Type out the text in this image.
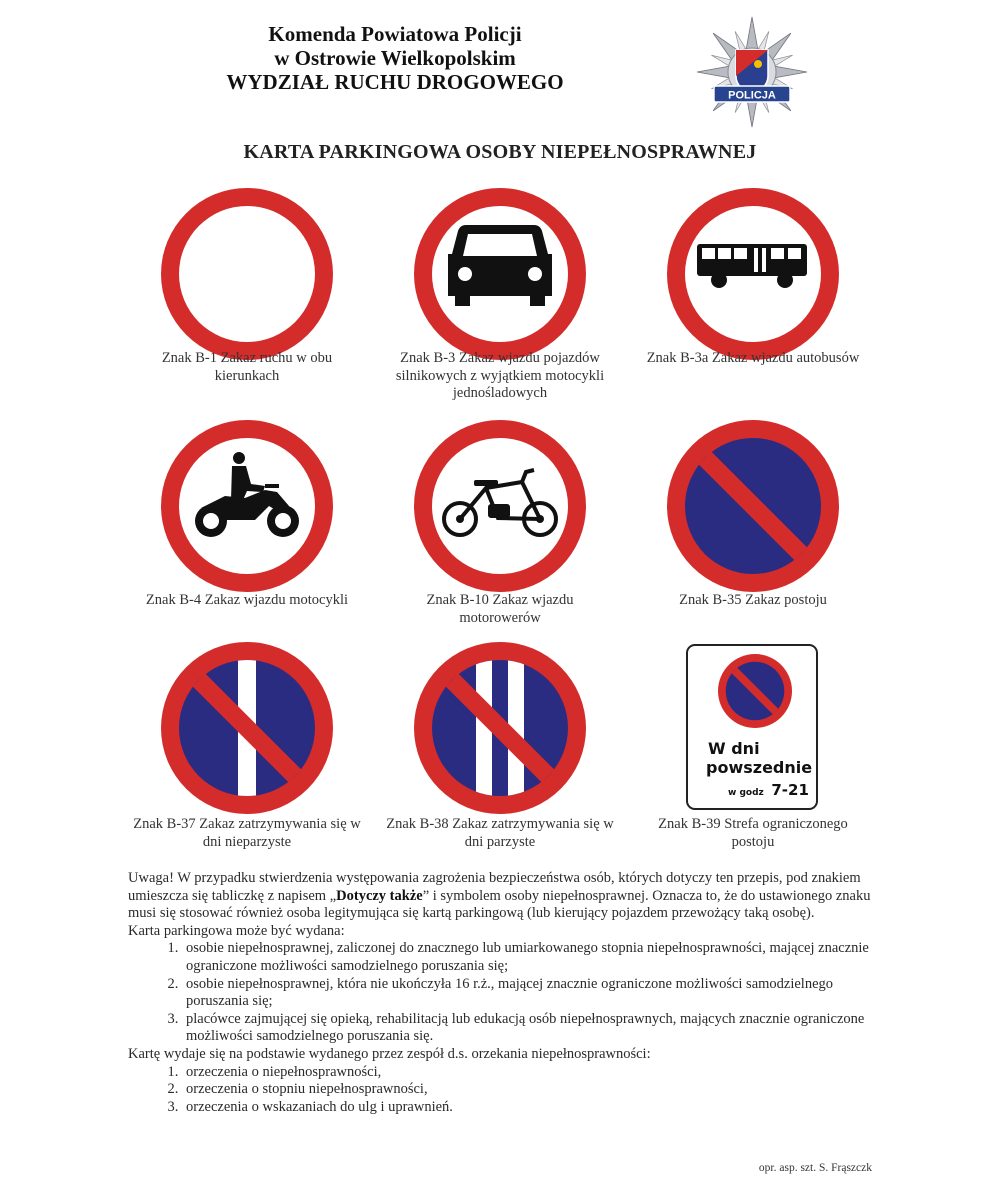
Komenda Powiatowa Policji
w Ostrowie Wielkopolskim
WYDZIAŁ RUCHU DROGOWEGO
POLICJA
KARTA PARKINGOWA OSOBY NIEPEŁNOSPRAWNEJ
Znak B-1 Zakaz ruchu w obu kierunkach
Znak B-3 Zakaz wjazdu pojazdów silnikowych z wyjątkiem motocykli jednośladowych
Znak B-3a Zakaz wjazdu autobusów
Znak B-4 Zakaz wjazdu motocykli	Znak B-10 Zakaz wjazdu motorowerów
Znak B-35 Zakaz postoju
Znak B-37 Zakaz zatrzymywania się w dni nieparzyste
Znak B-38 Zakaz zatrzymywania się w dni parzyste
W dni
powszednie
w godz 7-21
Znak B-39 Strefa ograniczonego postoju

Uwaga! W przypadku stwierdzenia występowania zagrożenia bezpieczeństwa osób, których dotyczy ten przepis, pod znakiem umieszcza się tabliczkę z napisem „Dotyczy także” i symbolem osoby niepełnosprawnej. Oznacza to, że do ustawionego znaku musi się stosować również osoba legitymująca się kartą parkingową (lub kierujący pojazdem przewożący taką osobę).

Karta parkingowa może być wydana:

1. osobie niepełnosprawnej, zaliczonej do znacznego lub umiarkowanego stopnia niepełnosprawności, mającej znacznie ograniczone możliwości samodzielnego poruszania się;
2. osobie niepełnosprawnej, która nie ukończyła 16 r.ż., mającej znacznie ograniczone możliwości samodzielnego poruszania się;
3. placówce zajmującej się opieką, rehabilitacją lub edukacją osób niepełnosprawnych, mających znacznie ograniczone możliwości samodzielnego poruszania się.

Kartę wydaje się na podstawie wydanego przez zespół d.s. orzekania niepełnosprawności:

1. orzeczenia o niepełnosprawności,
2. orzeczenia o stopniu niepełnosprawności,
3. orzeczenia o wskazaniach do ulg i uprawnień.
opr. asp. szt. S. Frąszczk
